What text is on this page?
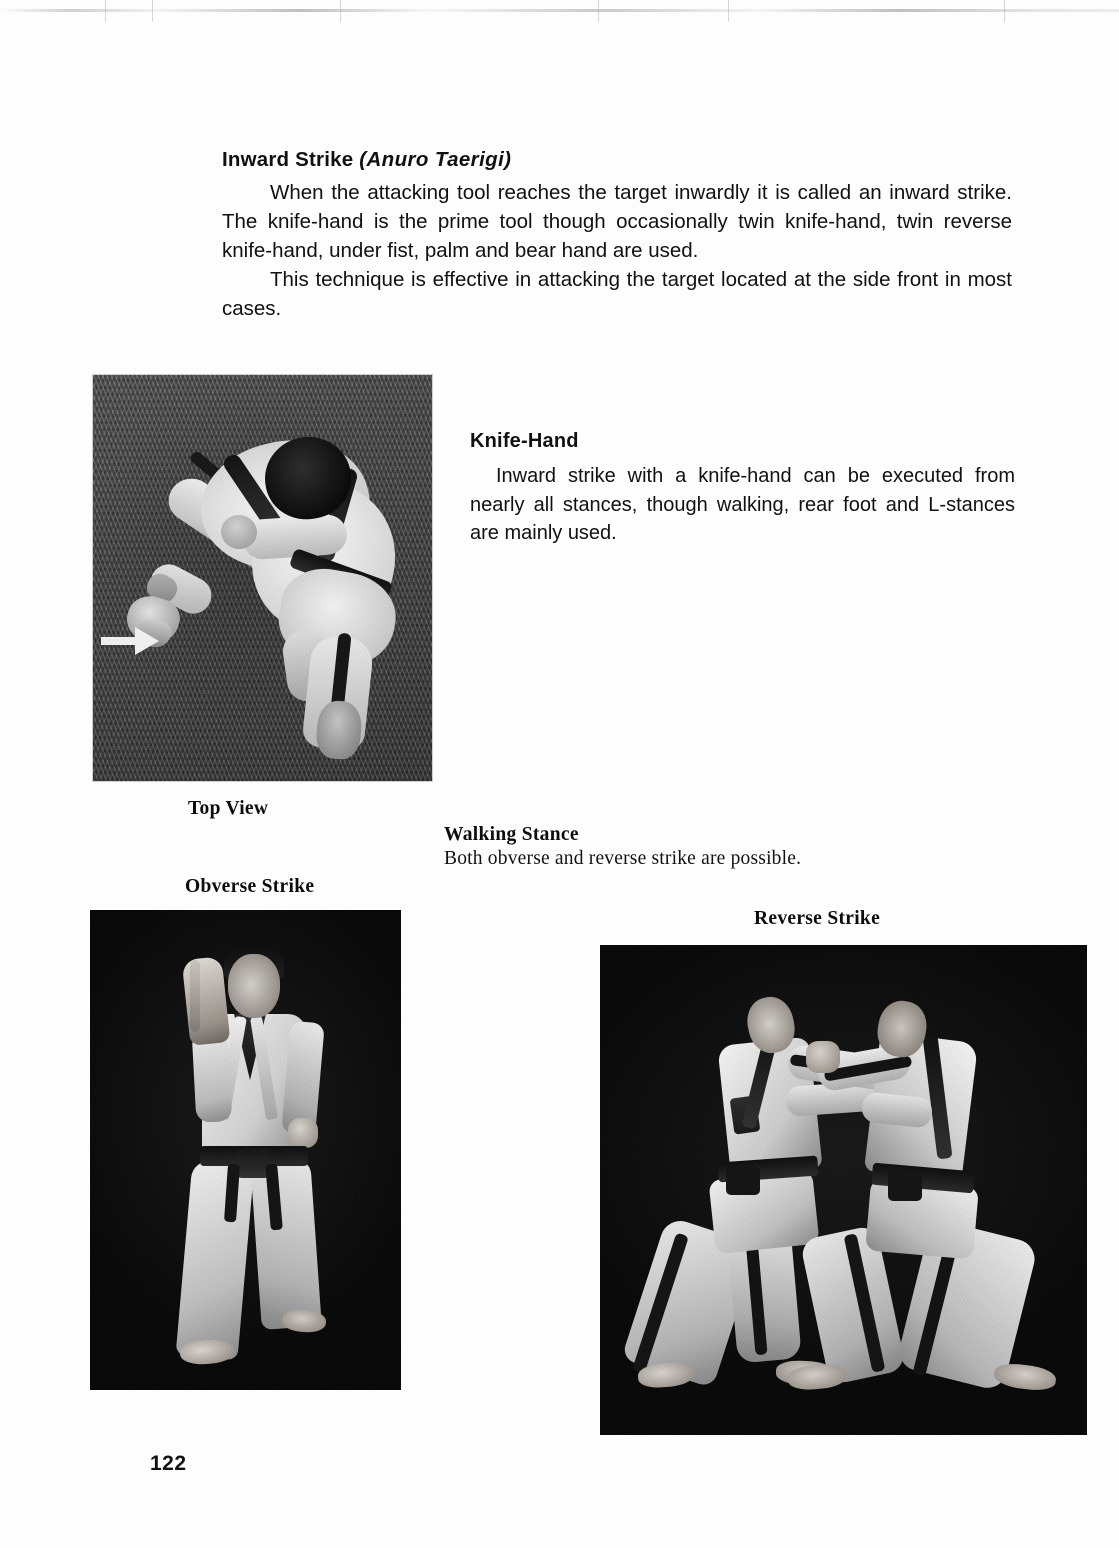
Inward Strike (Anuro Taerigi)

When the attacking tool reaches the target inwardly it is called an inward strike. The knife-hand is the prime tool though occasionally twin knife-hand, twin reverse knife-hand, under fist, palm and bear hand are used.

This technique is effective in attacking the target located at the side front in most cases.

Knife-Hand

Inward strike with a knife-hand can be executed from nearly all stances, though walking, rear foot and L-stances are mainly used.

Top View
Walking Stance
Both obverse and reverse strike are possible.
Obverse Strike
Reverse Strike
122
